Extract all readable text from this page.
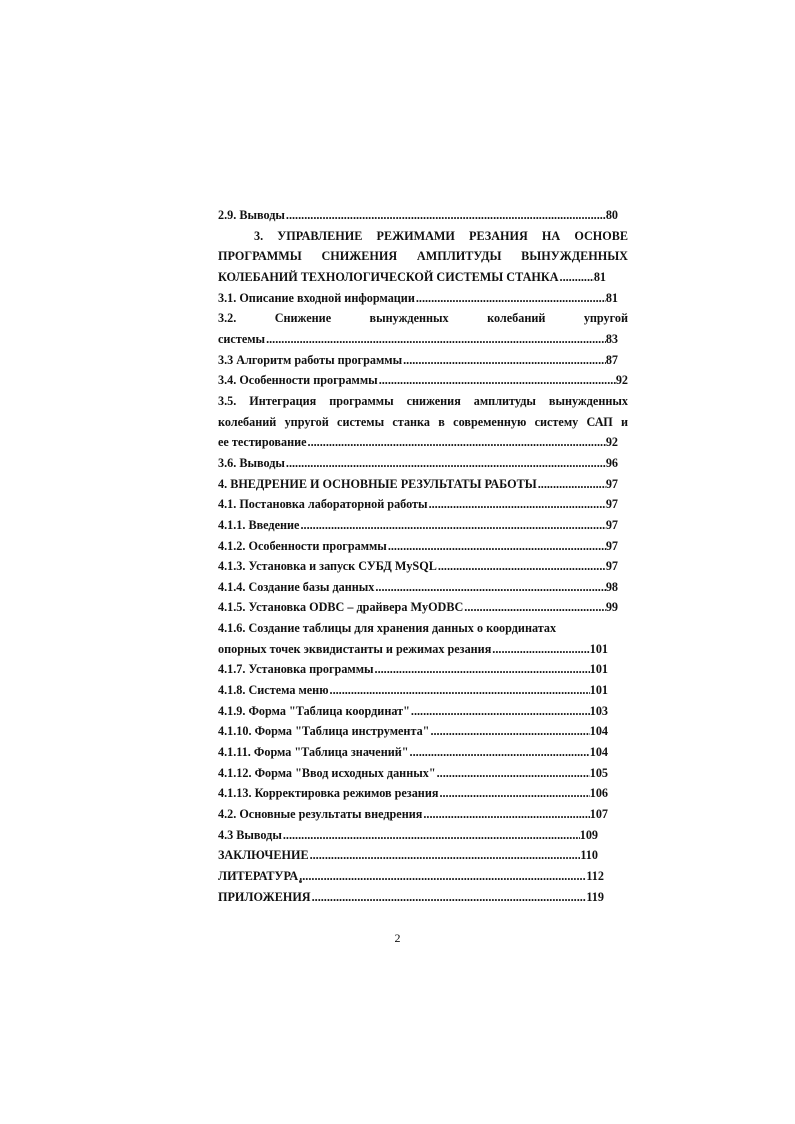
2.9. Выводы .....	80
3. УПРАВЛЕНИЕ РЕЖИМАМИ РЕЗАНИЯ НА ОСНОВЕ
ПРОГРАММЫ СНИЖЕНИЯ АМПЛИТУДЫ ВЫНУЖДЕННЫХ
КОЛЕБАНИЙ ТЕХНОЛОГИЧЕСКОЙ СИСТЕМЫ СТАНКА .....	81
3.1. Описание входной информации .....	81
3.2. Снижение вынужденных колебаний упругой
системы .....	83
3.3 Алгоритм работы программы .....	87
3.4. Особенности программы .....	92
3.5. Интеграция программы снижения амплитуды вынужденных
колебаний упругой системы станка в современную систему САП и
ее тестирование .....	92
3.6. Выводы .....	96
4. ВНЕДРЕНИЕ И ОСНОВНЫЕ РЕЗУЛЬТАТЫ РАБОТЫ .....	97
4.1. Постановка лабораторной работы .....	97
4.1.1. Введение .....	97
4.1.2. Особенности программы .....	97
4.1.3. Установка и запуск СУБД MySQL .....	97
4.1.4. Создание базы данных .....	98
4.1.5. Установка ODBC – драйвера MyODBC .....	99
4.1.6. Создание таблицы для хранения данных о координатах
опорных точек эквидистанты и режимах резания .....	101
4.1.7. Установка программы .....	101
4.1.8. Система меню .....	101
4.1.9. Форма "Таблица координат" .....	103
4.1.10. Форма "Таблица инструмента" .....	104
4.1.11. Форма "Таблица значений" .....	104
4.1.12. Форма "Ввод исходных данных" .....	105
4.1.13. Корректировка режимов резания .....	106
4.2. Основные результаты внедрения .....	107
4.3 Выводы .....	109
ЗАКЛЮЧЕНИЕ .....	110
ЛИТЕРАТУРА .....	112
ПРИЛОЖЕНИЯ .....	119
2
